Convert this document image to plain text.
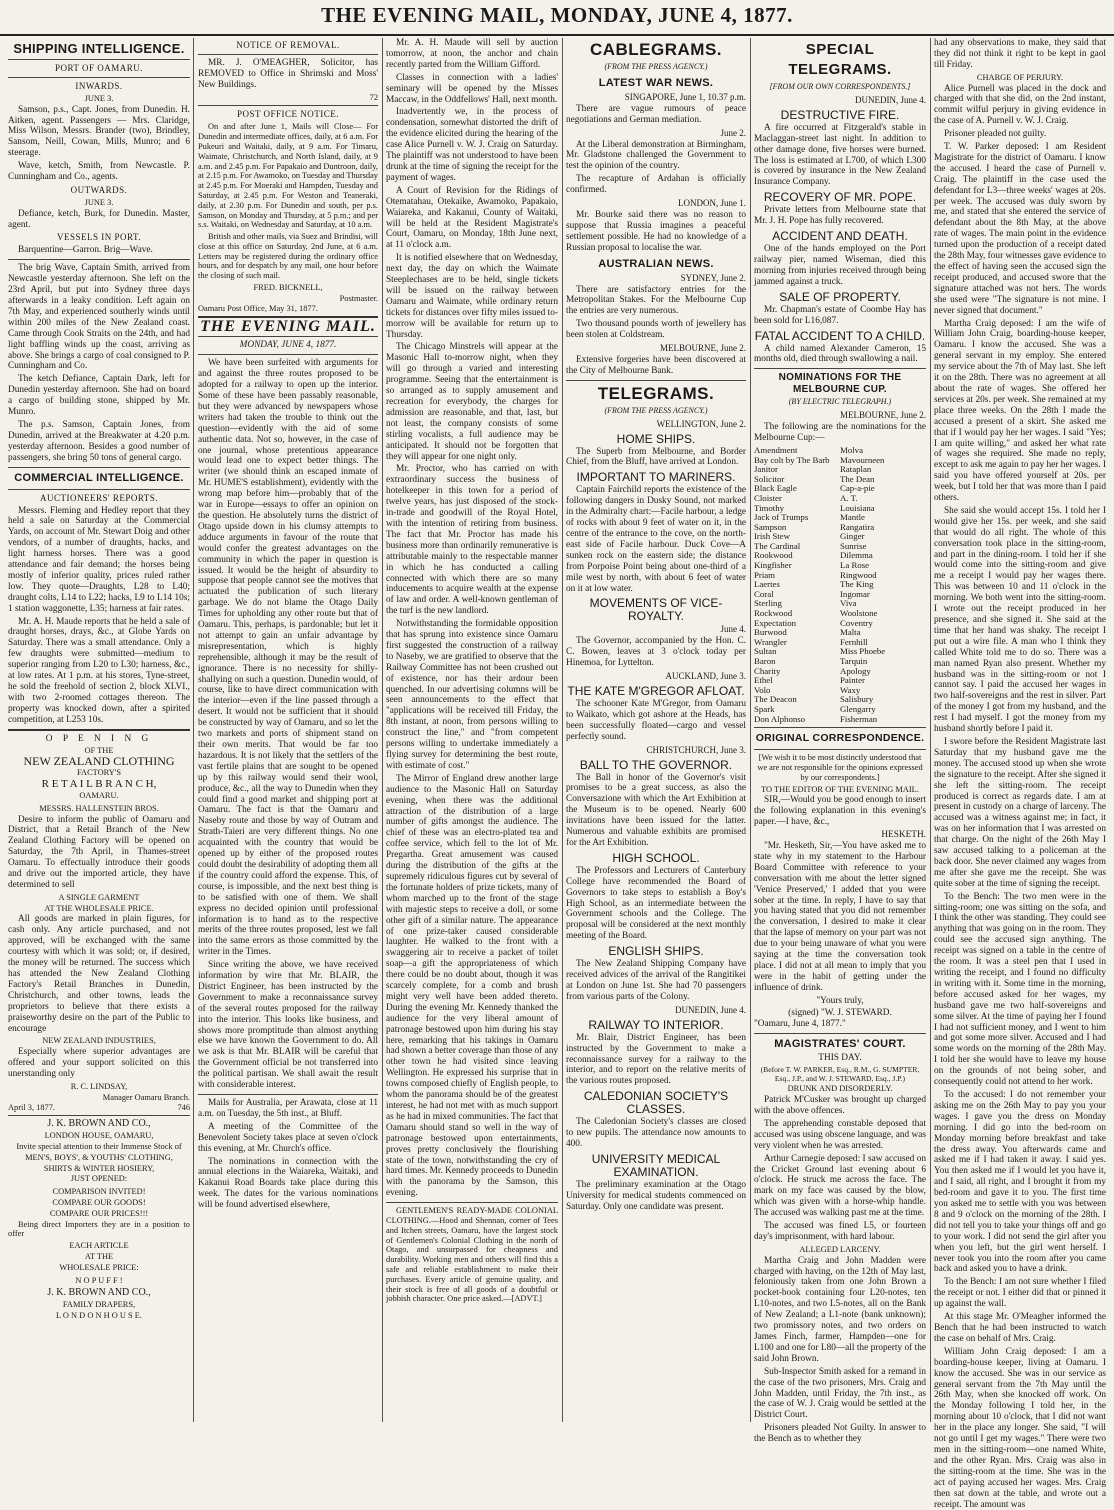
THE EVENING MAIL, MONDAY, JUNE 4, 1877.
SHIPPING INTELLIGENCE.
PORT OF OAMARU.
INWARDS.
JUNE 3.

Samson, p.s., Capt. Jones, from Dunedin. H. Aitken, agent. Passengers — Mrs. Claridge, Miss Wilson, Messrs. Brander (two), Brindley, Sansom, Neill, Cowan, Mills, Munro; and 6 steerage.

Wave, ketch, Smith, from Newcastle. P. Cunningham and Co., agents.

OUTWARDS.
JUNE 3.

Defiance, ketch, Burk, for Dunedin. Master, agent.

VESSELS IN PORT.

Barquentine—Garron. Brig—Wave.

The brig Wave, Captain Smith, arrived from Newcastle yesterday afternoon. She left on the 23rd April, but put into Sydney three days afterwards in a leaky condition. Left again on 7th May, and experienced southerly winds until within 200 miles of the New Zealand coast. Came through Cook Straits on the 24th, and had light baffling winds up the coast, arriving as above. She brings a cargo of coal consigned to P. Cunningham and Co.

The ketch Defiance, Captain Dark, left for Dunedin yesterday afternoon. She had on board a cargo of building stone, shipped by Mr. Munro.

The p.s. Samson, Captain Jones, from Dunedin, arrived at the Breakwater at 4.20 p.m. yesterday afternoon. Besides a good number of passengers, she bring 50 tons of general cargo.

COMMERCIAL INTELLIGENCE.
AUCTIONEERS' REPORTS.

Messrs. Fleming and Hedley report that they held a sale on Saturday at the Commercial Yards, on account of Mr. Stewart Doig and other vendors, of a number of draughts, hacks, and light harness horses. There was a good attendance and fair demand; the horses being mostly of inferior quality, prices ruled rather low. They quote—Draughts, L28 to L40; draught colts, L14 to L22; hacks, L9 to L14 10s; 1 station waggonette, L35; harness at fair rates.

Mr. A. H. Maude reports that he held a sale of draught horses, drays, &c., at Globe Yards on Saturday. There was a small attendance. Only a few draughts were submitted—medium to superior ranging from L20 to L30; harness, &c., at low rates. At 1 p.m. at his stores, Tyne-street, he sold the freehold of section 2, block XLVI., with two 2-roomed cottages thereon. The property was knocked down, after a spirited competition, at L253 10s.

O P E N I N G
OF THE
NEW ZEALAND CLOTHING
FACTORY'S
R E T A I L B R A N C H,
OAMARU.
MESSRS. HALLENSTEIN BROS.

Desire to inform the public of Oamaru and District, that a Retail Branch of the New Zealand Clothing Factory will be opened on Saturday, the 7th April, in Thames-street Oamaru. To effectually introduce their goods and drive out the imported article, they have determined to sell

A SINGLE GARMENT
AT THE WHOLESALE PRICE.

All goods are marked in plain figures, for cash only. Any article purchased, and not approved, will be exchanged with the same courtesy with which it was sold; or, if desired, the money will be returned. The success which has attended the New Zealand Clothing Factory's Retail Branches in Dunedin, Christchurch, and other towns, leads the proprietors to believe that there exists a praiseworthy desire on the part of the Public to encourage

NEW ZEALAND INDUSTRIES,

Especially where superior advantages are offered and your support solicited on this unerstanding only

R. C. LINDSAY,
Manager Oamaru Branch.
April 3, 1877.	746
J. K. BROWN AND CO.,
LONDON HOUSE, OAMARU,
Invite special attention to their Immense Stock of
MEN'S, BOYS', & YOUTHS' CLOTHING,
SHIRTS & WINTER HOSIERY,
JUST OPENED:
COMPARISON INVITED!
COMPARE OUR GOODS!
COMPARE OUR PRICES!!!

Being direct Importers they are in a position to offer

EACH ARTICLE
AT THE
WHOLESALE PRICE:
N O P U F F !
J. K. BROWN AND CO.,
FAMILY DRAPERS,
L O N D O N H O U S E.
NOTICE OF REMOVAL.

MR. J. O'MEAGHER, Solicitor, has REMOVED to Office in Shrimski and Moss' New Buildings.

72
POST OFFICE NOTICE.

On and after June 1, Mails will Close— For Dunedin and intermediate offices, daily, at 6 a.m. For Pukeuri and Waitaki, daily, at 9 a.m. For Timaru, Waimate, Christchurch, and North Island, daily, at 9 a.m. and 2.45 p.m. For Papakaio and Duntroon, daily, at 2.15 p.m. For Awamoko, on Tuesday and Thursday at 2.45 p.m. For Moeraki and Hampden, Tuesday and Saturday, at 2.45 p.m. For Weston and Teaneraki, daily, at 2.30 p.m. For Dunedin and south, per p.s. Samson, on Monday and Thursday, at 5 p.m.; and per s.s. Waitaki, on Wednesday and Saturday, at 10 a.m.

British and other mails, via Suez and Brindisi, will close at this office on Saturday, 2nd June, at 6 a.m. Letters may be registered during the ordinary office hours, and for despatch by any mail, one hour before the closing of such mail.

FRED. BICKNELL,
Postmaster.
Oamaru Post Office, May 31, 1877.
THE EVENING MAIL.
MONDAY, JUNE 4, 1877.

We have been surfeited with arguments for and against the three routes proposed to be adopted for a railway to open up the interior. Some of these have been passably reasonable, but they were advanced by newspapers whose writers had taken the trouble to think out the question—evidently with the aid of some authentic data. Not so, however, in the case of one journal, whose pretentious appearance would lead one to expect better things. The writer (we should think an escaped inmate of Mr. HUME'S establishment), evidently with the wrong map before him—probably that of the war in Europe—essays to offer an opinion on the question. He absolutely turns the district of Otago upside down in his clumsy attempts to adduce arguments in favour of the route that would confer the greatest advantages on the community in which the paper in question is issued. It would be the height of absurdity to suppose that people cannot see the motives that actuated the publication of such literary garbage. We do not blame the Otago Daily Times for upholding any other route but that of Oamaru. This, perhaps, is pardonable; but let it not attempt to gain an unfair advantage by misrepresentation, which is highly reprehensible, although it may be the result of ignorance. There is no necessity for shilly-shallying on such a question. Dunedin would, of course, like to have direct communication with the interior—even if the line passed through a desert. It would not be sufficient that it should be constructed by way of Oamaru, and so let the two markets and ports of shipment stand on their own merits. That would be far too hazardous. It is not likely that the settlers of the vast fertile plains that are sought to be opened up by this railway would send their wool, produce, &c., all the way to Dunedin when they could find a good market and shipping port at Oamaru. The fact is that the Oamaru and Naseby route and those by way of Outram and Strath-Taieri are very different things. No one acquainted with the country that would be opened up by either of the proposed routes could doubt the desirability of adopting them all if the country could afford the expense. This, of course, is impossible, and the next best thing is to be satisfied with one of them. We shall express no decided opinion until professional information is to hand as to the respective merits of the three routes proposed, lest we fall into the same errors as those committed by the writer in the Times.

Since writing the above, we have received information by wire that Mr. BLAIR, the District Engineer, has been instructed by the Government to make a reconnaissance survey of the several routes proposed for the railway into the interior. This looks like business, and shows more promptitude than almost anything else we have known the Government to do. All we ask is that Mr. BLAIR will be careful that the Government official be not transferred into the political partisan. We shall await the result with considerable interest.

Mails for Australia, per Arawata, close at 11 a.m. on Tuesday, the 5th inst., at Bluff.

A meeting of the Committee of the Benevolent Society takes place at seven o'clock this evening, at Mr. Church's office.

The nominations in connection with the annual elections in the Waiareka, Waitaki, and Kakanui Road Boards take place during this week. The dates for the various nominations will be found advertised elsewhere,

Mr. A. H. Maude will sell by auction tomorrow, at noon, the anchor and chain recently parted from the William Gifford.

Classes in connection with a ladies' seminary will be opened by the Misses Maccaw, in the Oddfellows' Hall, next month.

Inadvertently we, in the process of condensation, somewhat distorted the drift of the evidence elicited during the hearing of the case Alice Purnell v. W. J. Craig on Saturday. The plaintiff was not understood to have been drunk at the time of signing the receipt for the payment of wages.

A Court of Revision for the Ridings of Otematahau, Otekaike, Awamoko, Papakaio, Waiareka, and Kakanui, County of Waitaki, will be held at the Resident Magistrate's Court, Oamaru, on Monday, 18th June next, at 11 o'clock a.m.

It is notified elsewhere that on Wednesday, next day, the day on which the Waimate Steeplechases are to be held, single tickets will be issued on the railway between Oamaru and Waimate, while ordinary return tickets for distances over fifty miles issued to-morrow will be available for return up to Thursday.

The Chicago Minstrels will appear at the Masonic Hall to-morrow night, when they will go through a varied and interesting programme. Seeing that the entertainment is so arranged as to supply amusement and recreation for everybody, the charges for admission are reasonable, and that, last, but not least, the company consists of some stirling vocalists, a full audience may be anticipated. It should not be forgotten that they will appear for one night only.

Mr. Proctor, who has carried on with extraordinary success the business of hotelkeeper in this town for a period of twelve years, has just disposed of the stock-in-trade and goodwill of the Royal Hotel, with the intention of retiring from business. The fact that Mr. Proctor has made his business more than ordinarily remunerative is attributable mainly to the respectable manner in which he has conducted a calling connected with which there are so many inducements to acquire wealth at the expense of law and order. A well-known gentleman of the turf is the new landlord.

Notwithstanding the formidable opposition that has sprung into existence since Oamaru first suggested the construction of a railway to Naseby, we are gratified to observe that the Railway Committee has not been crushed out of existence, nor has their ardour been quenched. In our advertising columns will be seen announcements to the effect that "applications will be received till Friday, the 8th instant, at noon, from persons willing to construct the line," and "from competent persons willing to undertake immediately a flying survey for determining the best route, with estimate of cost."

The Mirror of England drew another large audience to the Masonic Hall on Saturday evening, when there was the additional attraction of the distribution of a large number of gifts amongst the audience. The chief of these was an electro-plated tea and coffee service, which fell to the lot of Mr. Pregartha. Great amusement was caused during the distribution of the gifts at the supremely ridiculous figures cut by several of the fortunate holders of prize tickets, many of whom marched up to the front of the stage with majestic steps to receive a doll, or some other gift of a similar nature. The appearance of one prize-taker caused considerable laughter. He walked to the front with a swaggering air to receive a packet of toilet soap—a gift the appropriateness of which there could be no doubt about, though it was scarcely complete, for a comb and brush might very well have been added thereto. During the evening Mr. Kennedy thanked the audience for the very liberal amount of patronage bestowed upon him during his stay here, remarking that his takings in Oamaru had shown a better coverage than those of any other town he had visited since leaving Wellington. He expressed his surprise that in towns composed chiefly of English people, to whom the panorama should be of the greatest interest, he had not met with as much support as he had in mixed communities. The fact that Oamaru should stand so well in the way of patronage bestowed upon entertainments, proves pretty conclusively the flourishing state of the town, notwithstanding the cry of hard times. Mr. Kennedy proceeds to Dunedin with the panorama by the Samson, this evening.

GENTLEMEN'S READY-MADE COLONIAL CLOTHING.—Hood and Shennan, corner of Tees and Itchen streets, Oamaru, have the largest stock of Gentlemen's Colonial Clothing in the north of Otago, and unsurpassed for cheapness and durability. Working men and others will find this a safe and reliable establishment to make their purchases. Every article of genuine quality, and their stock is free of all goods of a doubtful or jobbish character. One price asked.—[ADVT.]

CABLEGRAMS.
(FROM THE PRESS AGENCY.)
LATEST WAR NEWS.
SINGAPORE, June 1, 10.37 p.m.

There are vague rumours of peace negotiations and German mediation.

June 2.

At the Liberal demonstration at Birmingham, Mr. Gladstone challenged the Government to test the opinion of the country.

The recapture of Ardahan is officially confirmed.

LONDON, June 1.

Mr. Bourke said there was no reason to suppose that Russia imagines a peaceful settlement possible. He had no knowledge of a Russian proposal to localise the war.

AUSTRALIAN NEWS.
SYDNEY, June 2.

There are satisfactory entries for the Metropolitan Stakes. For the Melbourne Cup the entries are very numerous.

Two thousand pounds worth of jewellery has been stolen at Coldstream.

MELBOURNE, June 2.

Extensive forgeries have been discovered at the City of Melbourne Bank.

TELEGRAMS.
(FROM THE PRESS AGENCY.)
WELLINGTON, June 2.
HOME SHIPS.

The Superb from Melbourne, and Border Chief, from the Bluff, have arrived at London.

IMPORTANT TO MARINERS.

Captain Fairchild reports the existence of the following dangers in Dusky Sound, not marked in the Admiralty chart:—Facile harbour, a ledge of rocks with about 9 feet of water on it, in the centre of the entrance to the cove, on the north-east side of Facile harbour. Duck Cove—A sunken rock on the eastern side; the distance from Porpoise Point being about one-third of a mile west by north, with about 6 feet of water on it at low water.

MOVEMENTS OF VICE-ROYALTY.
June 4.

The Governor, accompanied by the Hon. C. C. Bowen, leaves at 3 o'clock today per Hinemoa, for Lyttelton.

AUCKLAND, June 3.
THE KATE M'GREGOR AFLOAT.

The schooner Kate M'Gregor, from Oamaru to Waikato, which got ashore at the Heads, has been successfully floated—cargo and vessel perfectly sound.

CHRISTCHURCH, June 3.
BALL TO THE GOVERNOR.

The Ball in honor of the Governor's visit promises to be a great success, as also the Conversazione with which the Art Exhibition at the Museum is to be opened. Nearly 600 invitations have been issued for the latter. Numerous and valuable exhibits are promised for the Art Exhibition.

HIGH SCHOOL.

The Professors and Lecturers of Canterbury College have recommended the Board of Governors to take steps to establish a Boy's High School, as an intermediate between the Government schools and the College. The proposal will be considered at the next monthly meeting of the Board.

ENGLISH SHIPS.

The New Zealand Shipping Company have received advices of the arrival of the Rangitikei at London on June 1st. She had 70 passengers from various parts of the Colony.

DUNEDIN, June 4.
RAILWAY TO INTERIOR.

Mr. Blair, District Engineer, has been instructed by the Government to make a reconnaissance survey for a railway to the interior, and to report on the relative merits of the various routes proposed.

CALEDONIAN SOCIETY'S CLASSES.

The Caledonian Society's classes are closed to new pupils. The attendance now amounts to 400.

UNIVERSITY MEDICAL EXAMINATION.

The preliminary examination at the Otago University for medical students commenced on Saturday. Only one candidate was present.

SPECIAL TELEGRAMS.
[FROM OUR OWN CORRESPONDENTS.]
DUNEDIN, June 4.
DESTRUCTIVE FIRE.

A fire occurred at Fitzgerald's stable in Maclaggan-street last night. In addition to other damage done, five horses were burned. The loss is estimated at L700, of which L300 is covered by insurance in the New Zealand Insurance Company.

RECOVERY OF MR. POPE.

Private letters from Melbourne state that Mr. J. H. Pope has fully recovered.

ACCIDENT AND DEATH.

One of the hands employed on the Port railway pier, named Wiseman, died this morning from injuries received through being jammed against a truck.

SALE OF PROPERTY.

Mr. Chapman's estate of Coombe Hay has been sold for L16,087.

FATAL ACCIDENT TO A CHILD.

A child named Alexander Cameron, 15 months old, died through swallowing a nail.

NOMINATIONS FOR THE MELBOURNE CUP.
(BY ELECTRIC TELEGRAPH.)
MELBOURNE, June 2.

The following are the nominations for the Melbourne Cup:—

Amendment
Bay colt by The Barb
Janitor
Solicitor
Black Eagle
Cloister
Timothy
Jack of Trumps
Sampson
Irish Stew
The Cardinal
Rookwood
Kingfisher
Priam
Laertes
Coral
Sterling
Rockwood
Expectation
Burwood
Wrangler
Sultan
Baron
Charity
Ethel
Volo
The Deacon
Spark
Don Alphonso
Molva
Mavourneen
Rataplan
The Dean
Cap-a-pie
A. T.
Louisiana
Mantle
Rangatira
Ginger
Sunrise
Dilemma
La Rose
Ringwood
The King
Ingomar
Viva
Woolstone
Coventry
Malta
Fernhill
Miss Phoebe
Tarquin
Apology
Painter
Waxy
Salisbury
Glengarry
Fisherman
ORIGINAL CORRESPONDENCE.

[We wish it to be most distinctly understood that we are not responsible for the opinions expressed by our correspondents.]

TO THE EDITOR OF THE EVENING MAIL.

SIR,—Would you be good enough to insert the following explanation in this evening's paper.—I have, &c.,

HESKETH.

"Mr. Hesketh, Sir,—You have asked me to state why in my statement to the Harbour Board Committee with reference to your conversation with me about the letter signed 'Venice Preserved,' I added that you were sober at the time. In reply, I have to say that you having stated that you did not remember the conversation, I desired to make it clear that the lapse of memory on your part was not due to your being unaware of what you were saying at the time the conversation took place. I did not at all mean to imply that you were in the habit of getting under the influence of drink.

"Yours truly,
(signed) "W. J. STEWARD.
"Oamaru, June 4, 1877."
MAGISTRATES' COURT.
THIS DAY.
(Before T. W. PARKER, Esq., R.M., G. SUMPTER, Esq., J.P., and W. J. STEWARD, Esq., J.P.)
DRUNK AND DISORDERLY.

Patrick M'Cusker was brought up charged with the above offences.

The apprehending constable deposed that accused was using obscene language, and was very violent when he was arrested.

Arthur Carnegie deposed: I saw accused on the Cricket Ground last evening about 6 o'clock. He struck me across the face. The mark on my face was caused by the blow, which was given with a horse-whip handle. The accused was walking past me at the time.

The accused was fined L5, or fourteen day's imprisonment, with hard labour.

ALLEGED LARCENY.

Martha Craig and John Madden were charged with having, on the 12th of May last, feloniously taken from one John Brown a pocket-book containing four L20-notes, ten L10-notes, and two L5-notes, all on the Bank of New Zealand; a L1-note (bank unknown); two promissory notes, and two orders on James Finch, farmer, Hampden—one for L100 and one for L80—all the property of the said John Brown.

Sub-Inspector Smith asked for a remand in the case of the two prisoners, Mrs. Craig and John Madden, until Friday, the 7th inst., as the case of W. J. Craig would be settled at the District Court.

Prisoners pleaded Not Guilty. In answer to the Bench as to whether they

had any observations to make, they said that they did not think it right to be kept in gaol till Friday.

CHARGE OF PERJURY.

Alice Purnell was placed in the dock and charged with that she did, on the 2nd instant, commit wilful perjury in giving evidence in the case of A. Purnell v. W. J. Craig.

Prisoner pleaded not guilty.

T. W. Parker deposed: I am Resident Magistrate for the district of Oamaru. I know the accused. I heard the case of Purnell v. Craig. The plaintiff in the case used the defendant for L3—three weeks' wages at 20s. per week. The accused was duly sworn by me, and stated that she entered the service of defendant about the 8th May, at the above rate of wages. The main point in the evidence turned upon the production of a receipt dated the 28th May, four witnesses gave evidence to the effect of having seen the accused sign the receipt produced, and accused swore that the signature attached was not hers. The words she used were "The signature is not mine. I never signed that document."

Martha Craig deposed: I am the wife of William John Craig, boarding-house keeper, Oamaru. I know the accused. She was a general servant in my employ. She entered my service about the 7th of May last. She left it on the 28th. There was no agreement at all about the rate of wages. She offered her services at 20s. per week. She remained at my place three weeks. On the 28th I made the accused a present of a skirt. She asked me that if I would pay her her wages. I said "Yes; I am quite willing," and asked her what rate of wages she required. She made no reply, except to ask me again to pay her her wages. I said you have offered yourself at 20s. per week, but I told her that was more than I paid others.

She said she would accept 15s. I told her I would give her 15s. per week, and she said that would do all right. The whole of this conversation took place in the sitting-room, and part in the dining-room. I told her if she would come into the sitting-room and give me a receipt I would pay her wages there. This was between 10 and 11 o'clock in the morning. We both went into the sitting-room. I wrote out the receipt produced in her presence, and she signed it. She said at the time that her hand was shaky. The receipt I put out a wire file. A man who I think they called White told me to do so. There was a man named Ryan also present. Whether my husband was in the sitting-room or not I cannot say. I paid the accused her wages in two half-sovereigns and the rest in silver. Part of the money I got from my husband, and the rest I had myself. I got the money from my husband shortly before I paid it.

I swore before the Resident Magistrate last Saturday that my husband gave me the money. The accused stood up when she wrote the signature to the receipt. After she signed it she left the sitting-room. The receipt produced is correct as regards date. I am at present in custody on a charge of larceny. The accused was a witness against me; in fact, it was on her information that I was arrested on that charge. On the night of the 26th May I saw accused talking to a policeman at the back door. She never claimed any wages from me after she gave me the receipt. She was quite sober at the time of signing the receipt.

To the Bench: The two men were in the sitting-room; one was sitting on the sofa, and I think the other was standing. They could see anything that was going on in the room. They could see the accused sign anything. The receipt was signed on a table in the centre of the room. It was a steel pen that I used in writing the receipt, and I found no difficulty in writing with it. Some time in the morning, before accused asked for her wages, my husband gave me two half-sovereigns and some silver. At the time of paying her I found I had not sufficient money, and I went to him and got some more silver. Accused and I had some words on the morning of the 28th May. I told her she would have to leave my house on the grounds of not being sober, and consequently could not attend to her work.

To the accused: I do not remember your asking me on the 26th May to pay you your wages. I gave you the dress on Monday morning. I did go into the bed-room on Monday morning before breakfast and take the dress away. You afterwards came and asked me if I had taken it away. I said yes. You then asked me if I would let you have it, and I said, all right, and I brought it from my bed-room and gave it to you. The first time you asked me to settle with you was between 8 and 9 o'clock on the morning of the 28th. I did not tell you to take your things off and go to your work. I did not send the girl after you when you left, but the girl went herself. I never took you into the room after you came back and asked you to have a drink.

To the Bench: I am not sure whether I filed the receipt or not. I either did that or pinned it up against the wall.

At this stage Mr. O'Meagher informed the Bench that he had been instructed to watch the case on behalf of Mrs. Craig.

William John Craig deposed: I am a boarding-house keeper, living at Oamaru. I know the accused. She was in our service as general servant from the 7th May until the 26th May, when she knocked off work. On the Monday following I told her, in the morning about 10 o'clock, that I did not want her in the place any longer. She said, "I will not go until I get my wages." There were two men in the sitting-room—one named White, and the other Ryan. Mrs. Craig was also in the sitting-room at the time. She was in the act of paying accused her wages. Mrs. Craig then sat down at the table, and wrote out a receipt. The amount was
